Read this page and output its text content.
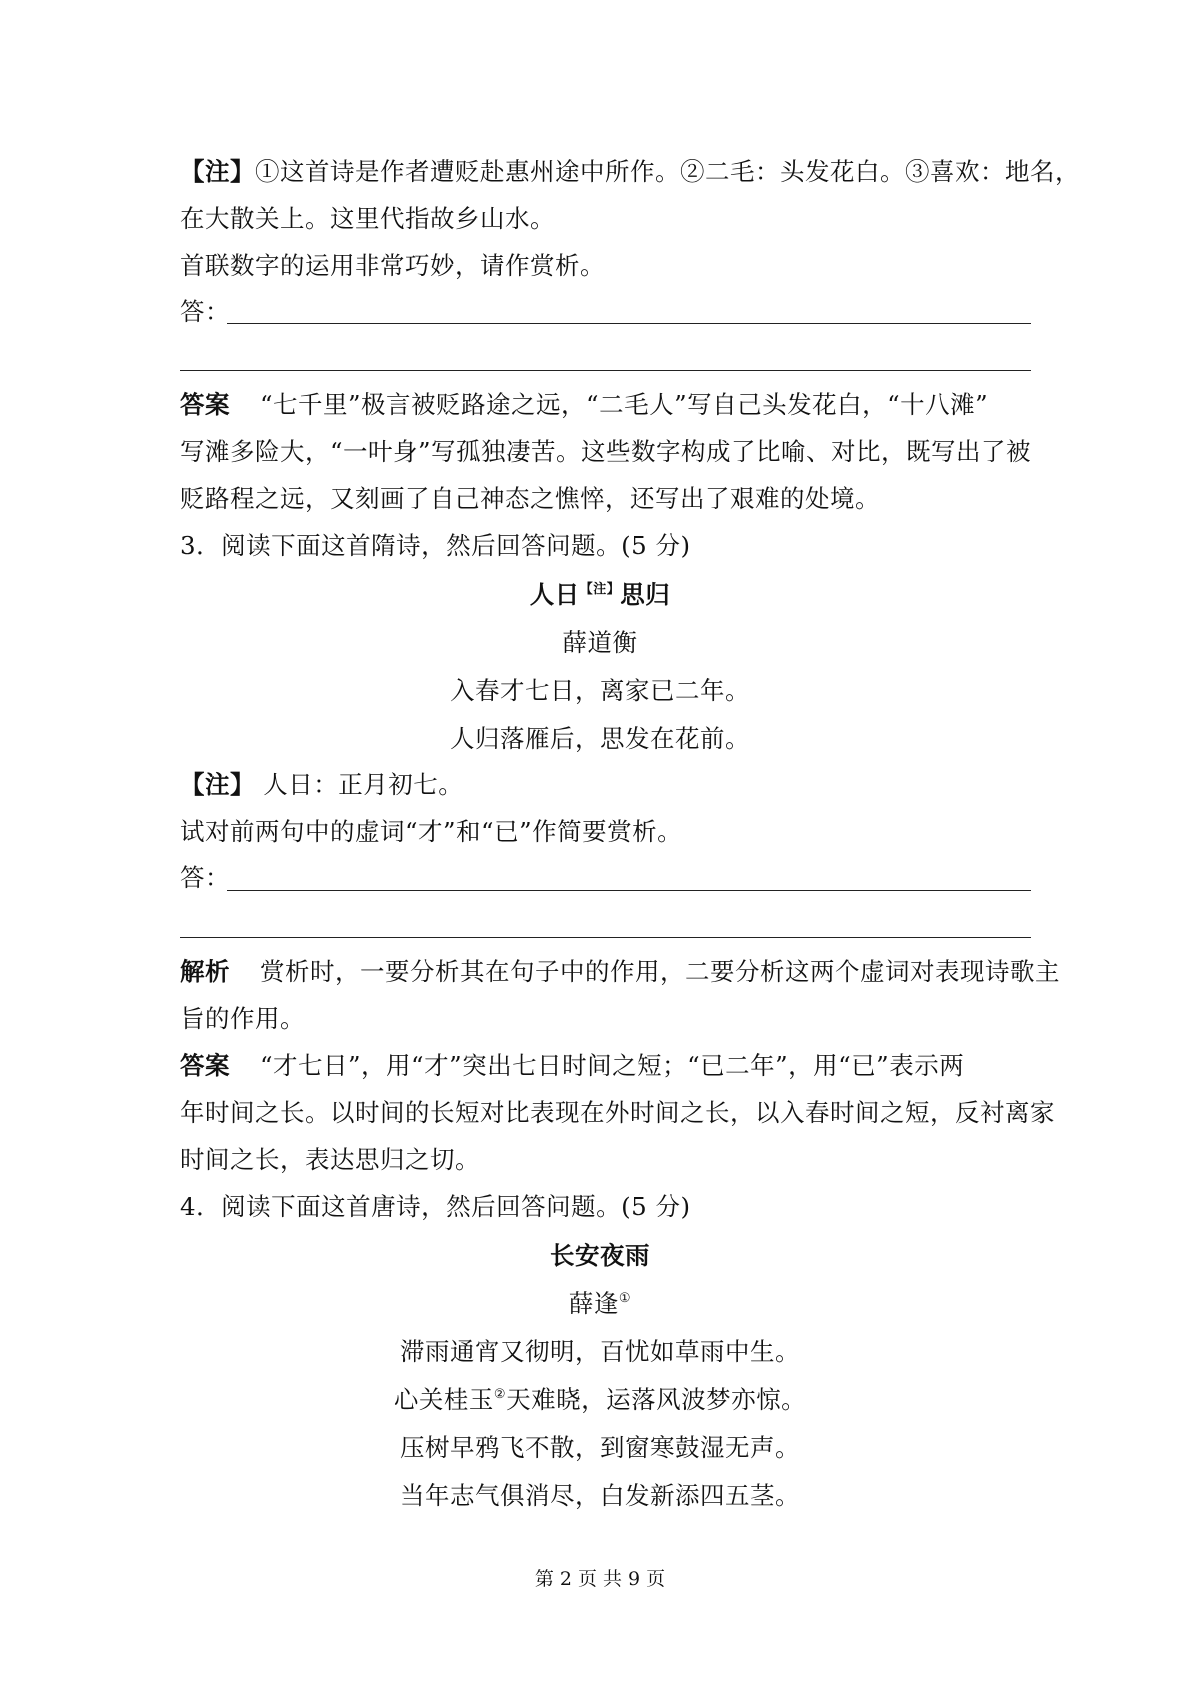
【注】①这首诗是作者遭贬赴惠州途中所作。②二毛：头发花白。③喜欢：地名，
在大散关上。这里代指故乡山水。
首联数字的运用非常巧妙，请作赏析。
答：
答案 “七千里”极言被贬路途之远，“二毛人”写自己头发花白，“十八滩”
写滩多险大，“一叶身”写孤独凄苦。这些数字构成了比喻、对比，既写出了被
贬路程之远，又刻画了自己神态之憔悴，还写出了艰难的处境。
3．阅读下面这首隋诗，然后回答问题。(5 分)
人日$^{【注】}$思归
薛道衡
入春才七日，离家已二年。
人归落雁后，思发在花前。
【注】 人日：正月初七。
试对前两句中的虚词“才”和“已”作简要赏析。
答：
解析 赏析时，一要分析其在句子中的作用，二要分析这两个虚词对表现诗歌主
旨的作用。
答案 “才七日”，用“才”突出七日时间之短；“已二年”，用“已”表示两
年时间之长。以时间的长短对比表现在外时间之长，以入春时间之短，反衬离家
时间之长，表达思归之切。
4．阅读下面这首唐诗，然后回答问题。(5 分)
长安夜雨
薛逢①
滞雨通宵又彻明，百忧如草雨中生。
心关桂玉②天难晓，运落风波梦亦惊。
压树早鸦飞不散，到窗寒鼓湿无声。
当年志气俱消尽，白发新添四五茎。
第 2 页 共 9 页
